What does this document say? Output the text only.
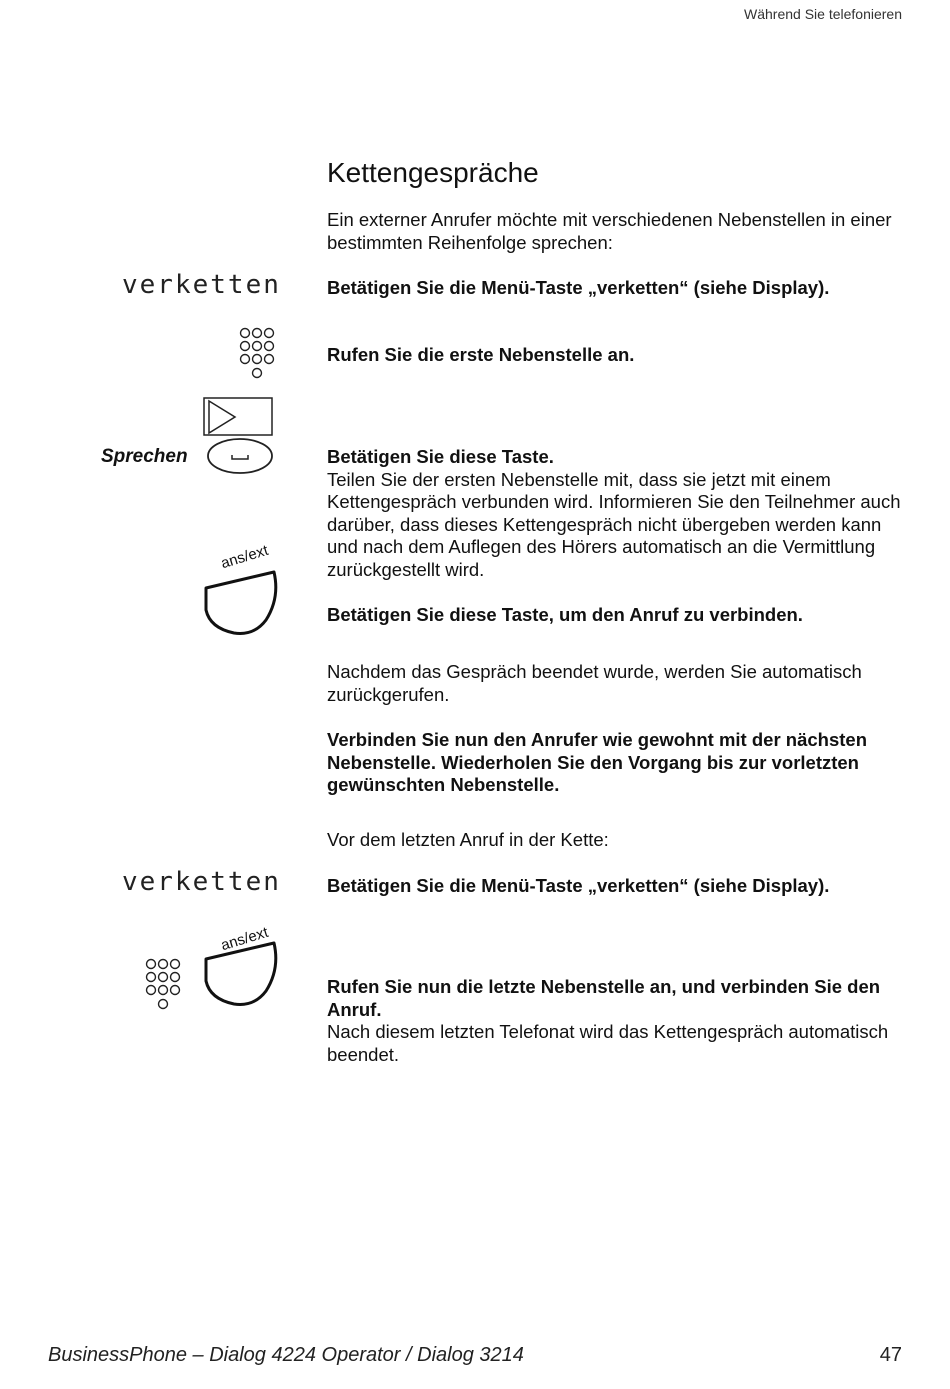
Während Sie telefonieren
Kettengespräche
Ein externer Anrufer möchte mit verschiedenen Nebenstellen in einer bestimmten Reihenfolge sprechen:
verketten Betätigen Sie die Menü-Taste „verketten“ (siehe Display).
Rufen Sie die erste Nebenstelle an.
Sprechen	Betätigen Sie diese Taste.
Teilen Sie der ersten Nebenstelle mit, dass sie jetzt mit einem Kettengespräch verbunden wird. Informieren Sie den Teilnehmer auch darüber, dass dieses Kettengespräch nicht übergeben werden kann und nach dem Auflegen des Hörers automatisch an die Vermittlung zurückgestellt wird.
ans/ext
Betätigen Sie diese Taste, um den Anruf zu verbinden.
Nachdem das Gespräch beendet wurde, werden Sie automatisch zurückgerufen.
Verbinden Sie nun den Anrufer wie gewohnt mit der nächsten Nebenstelle. Wiederholen Sie den Vorgang bis zur vorletzten gewünschten Nebenstelle.
Vor dem letzten Anruf in der Kette:
verketten Betätigen Sie die Menü-Taste „verketten“ (siehe Display).
ans/ext
Rufen Sie nun die letzte Nebenstelle an, und verbinden Sie den Anruf.
Nach diesem letzten Telefonat wird das Kettengespräch automatisch beendet.
BusinessPhone – Dialog 4224 Operator / Dialog 3214	47
